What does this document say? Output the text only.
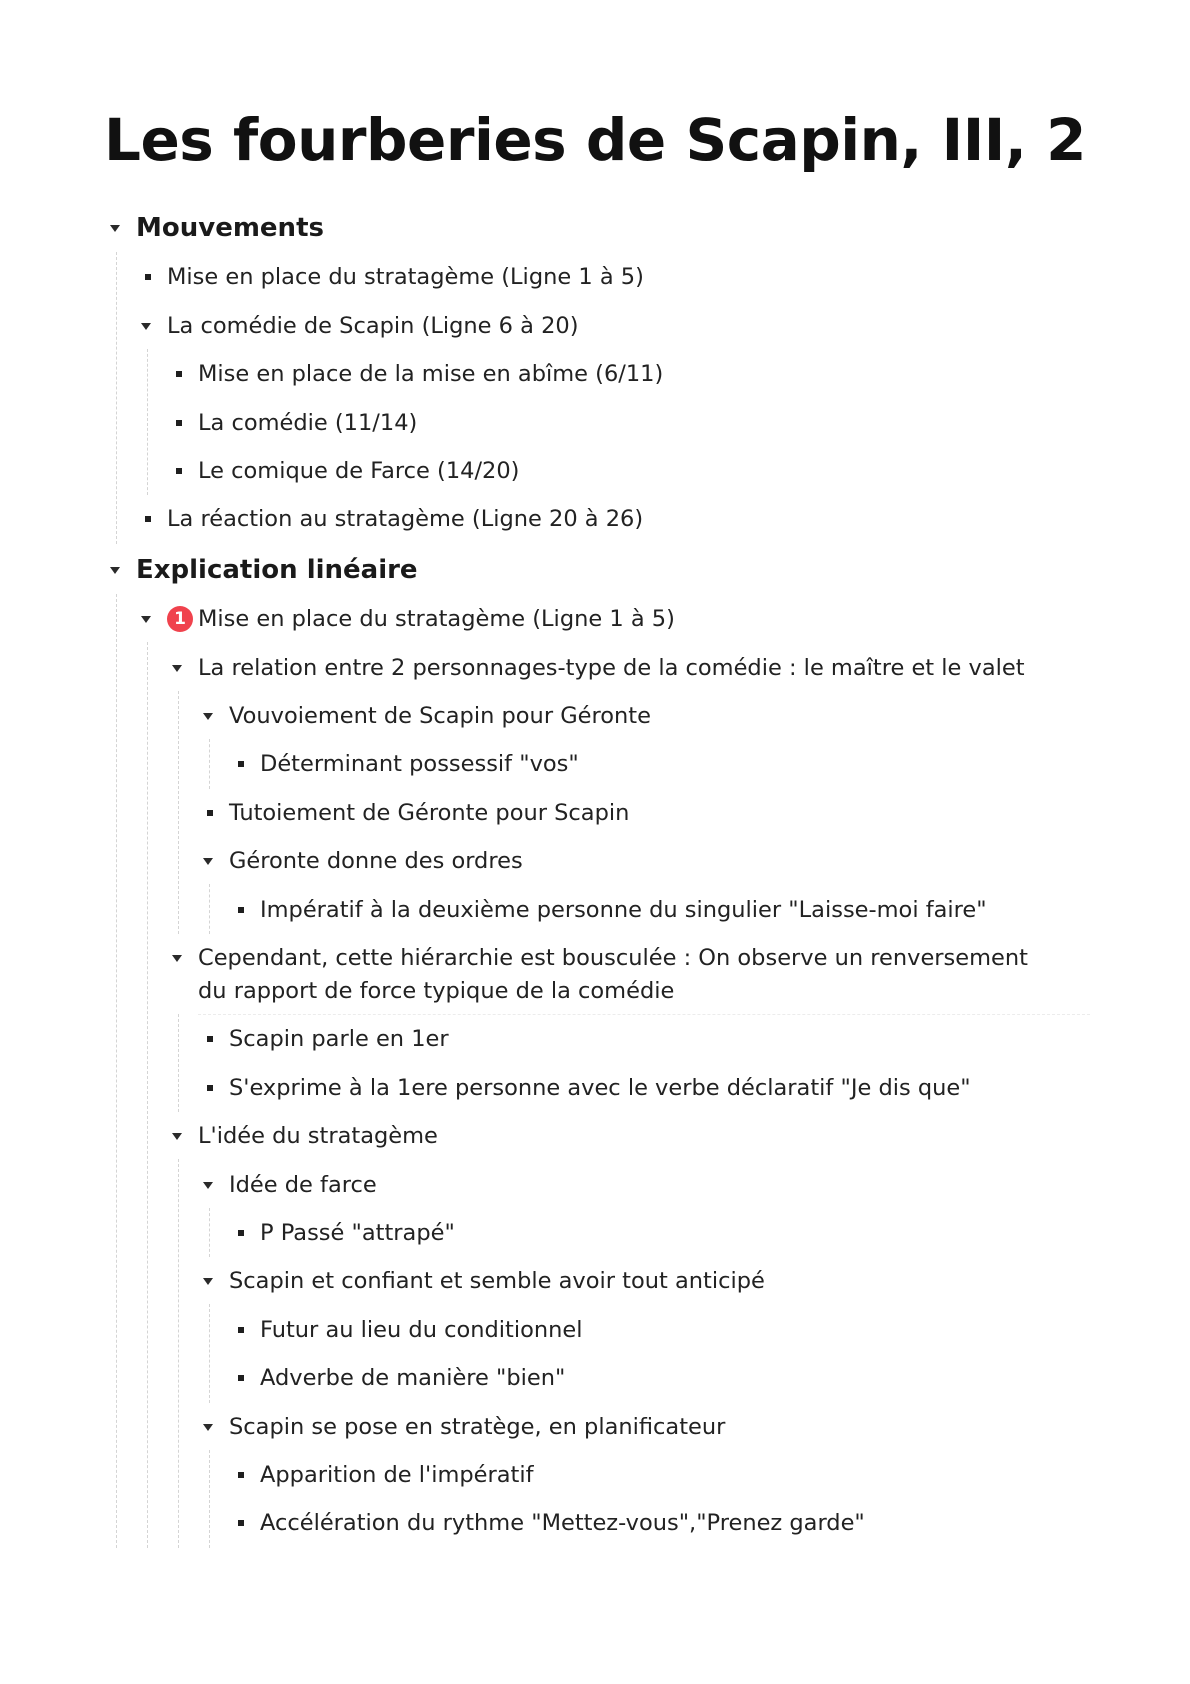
Les fourberies de Scapin, III, 2
Mouvements
Mise en place du stratagème (Ligne 1 à 5)
La comédie de Scapin (Ligne 6 à 20)
Mise en place de la mise en abîme (6/11)
La comédie (11/14)
Le comique de Farce (14/20)
La réaction au stratagème (Ligne 20 à 26)
Explication linéaire
1 Mise en place du stratagème (Ligne 1 à 5)
La relation entre 2 personnages-type de la comédie : le maître et le valet
Vouvoiement de Scapin pour Géronte
Déterminant possessif "vos"
Tutoiement de Géronte pour Scapin
Géronte donne des ordres
Impératif à la deuxième personne du singulier "Laisse-moi faire"
Cependant, cette hiérarchie est bousculée : On observe un renversement du rapport de force typique de la comédie
Scapin parle en 1er
S'exprime à la 1ere personne avec le verbe déclaratif "Je dis que"
L'idée du stratagème
Idée de farce
P Passé "attrapé"
Scapin et confiant et semble avoir tout anticipé
Futur au lieu du conditionnel
Adverbe de manière "bien"
Scapin se pose en stratège, en planificateur
Apparition de l'impératif
Accélération du rythme "Mettez-vous","Prenez garde"
